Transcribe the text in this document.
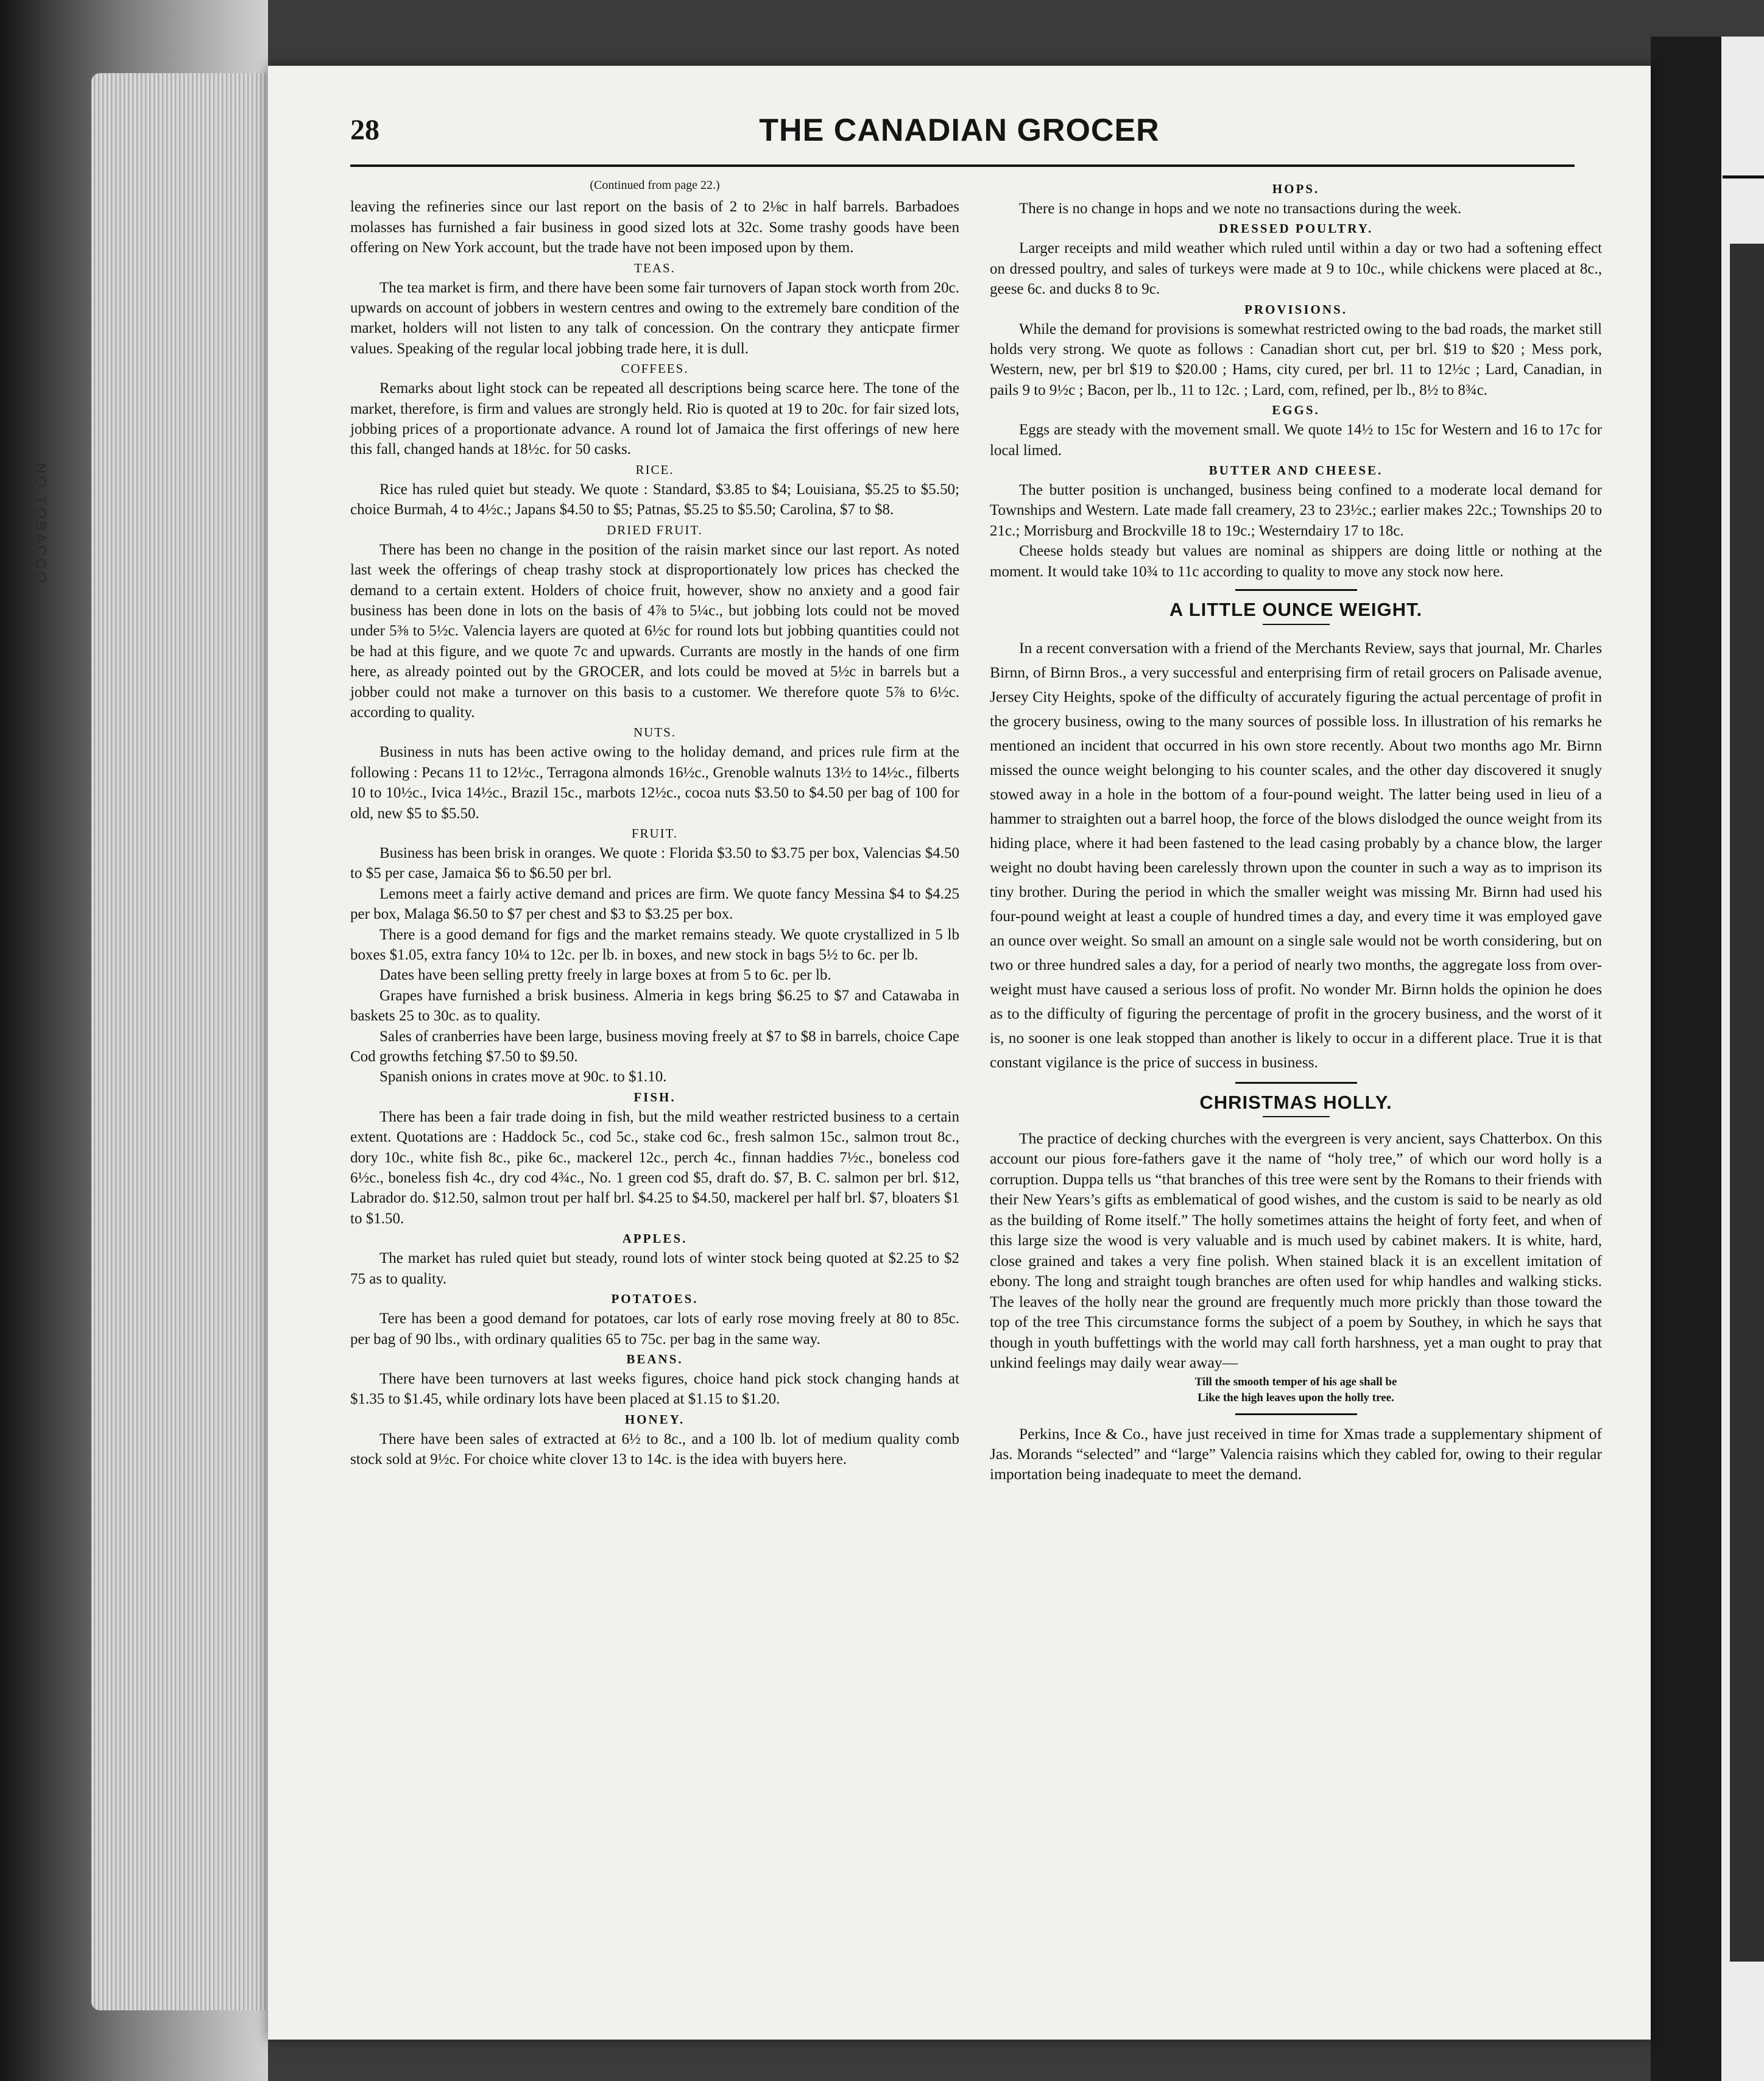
NO TOBACCO
28	THE CANADIAN GROCER
(Continued from page 22.)

leaving the refineries since our last report on the basis of 2 to 2⅛c in half barrels. Barbadoes molasses has furnished a fair business in good sized lots at 32c. Some trashy goods have been offering on New York account, but the trade have not been imposed upon by them.

TEAS.

The tea market is firm, and there have been some fair turnovers of Japan stock worth from 20c. upwards on account of jobbers in western centres and owing to the extremely bare condition of the market, holders will not listen to any talk of concession. On the contrary they anticpate firmer values. Speaking of the regular local jobbing trade here, it is dull.

COFFEES.

Remarks about light stock can be repeated all descriptions being scarce here. The tone of the market, therefore, is firm and values are strongly held. Rio is quoted at 19 to 20c. for fair sized lots, jobbing prices of a proportionate advance. A round lot of Jamaica the first offerings of new here this fall, changed hands at 18½c. for 50 casks.

RICE.

Rice has ruled quiet but steady. We quote : Standard, $3.85 to $4; Louisiana, $5.25 to $5.50; choice Burmah, 4 to 4½c.; Japans $4.50 to $5; Patnas, $5.25 to $5.50; Carolina, $7 to $8.

DRIED FRUIT.

There has been no change in the position of the raisin market since our last report. As noted last week the offerings of cheap trashy stock at disproportionately low prices has checked the demand to a certain extent. Holders of choice fruit, however, show no anxiety and a good fair business has been done in lots on the basis of 4⅞ to 5¼c., but jobbing lots could not be moved under 5⅜ to 5½c. Valencia layers are quoted at 6½c for round lots but jobbing quantities could not be had at this figure, and we quote 7c and upwards. Currants are mostly in the hands of one firm here, as already pointed out by the GROCER, and lots could be moved at 5½c in barrels but a jobber could not make a turnover on this basis to a customer. We therefore quote 5⅞ to 6½c. according to quality.

NUTS.

Business in nuts has been active owing to the holiday demand, and prices rule firm at the following : Pecans 11 to 12½c., Terragona almonds 16½c., Grenoble walnuts 13½ to 14½c., filberts 10 to 10½c., Ivica 14½c., Brazil 15c., marbots 12½c., cocoa nuts $3.50 to $4.50 per bag of 100 for old, new $5 to $5.50.

FRUIT.

Business has been brisk in oranges. We quote : Florida $3.50 to $3.75 per box, Valencias $4.50 to $5 per case, Jamaica $6 to $6.50 per brl.

Lemons meet a fairly active demand and prices are firm. We quote fancy Messina $4 to $4.25 per box, Malaga $6.50 to $7 per chest and $3 to $3.25 per box.

There is a good demand for figs and the market remains steady. We quote crystallized in 5 lb boxes $1.05, extra fancy 10¼ to 12c. per lb. in boxes, and new stock in bags 5½ to 6c. per lb.

Dates have been selling pretty freely in large boxes at from 5 to 6c. per lb.

Grapes have furnished a brisk business. Almeria in kegs bring $6.25 to $7 and Catawaba in baskets 25 to 30c. as to quality.

Sales of cranberries have been large, business moving freely at $7 to $8 in barrels, choice Cape Cod growths fetching $7.50 to $9.50.

Spanish onions in crates move at 90c. to $1.10.

FISH.

There has been a fair trade doing in fish, but the mild weather restricted business to a certain extent. Quotations are : Haddock 5c., cod 5c., stake cod 6c., fresh salmon 15c., salmon trout 8c., dory 10c., white fish 8c., pike 6c., mackerel 12c., perch 4c., finnan haddies 7½c., boneless cod 6½c., boneless fish 4c., dry cod 4¾c., No. 1 green cod $5, draft do. $7, B. C. salmon per brl. $12, Labrador do. $12.50, salmon trout per half brl. $4.25 to $4.50, mackerel per half brl. $7, bloaters $1 to $1.50.

APPLES.

The market has ruled quiet but steady, round lots of winter stock being quoted at $2.25 to $2 75 as to quality.

POTATOES.

Tere has been a good demand for potatoes, car lots of early rose moving freely at 80 to 85c. per bag of 90 lbs., with ordinary qualities 65 to 75c. per bag in the same way.

BEANS.

There have been turnovers at last weeks figures, choice hand pick stock changing hands at $1.35 to $1.45, while ordinary lots have been placed at $1.15 to $1.20.

HONEY.

There have been sales of extracted at 6½ to 8c., and a 100 lb. lot of medium quality comb stock sold at 9½c. For choice white clover 13 to 14c. is the idea with buyers here.

HOPS.

There is no change in hops and we note no transactions during the week.

DRESSED POULTRY.

Larger receipts and mild weather which ruled until within a day or two had a softening effect on dressed poultry, and sales of turkeys were made at 9 to 10c., while chickens were placed at 8c., geese 6c. and ducks 8 to 9c.

PROVISIONS.

While the demand for provisions is somewhat restricted owing to the bad roads, the market still holds very strong. We quote as follows : Canadian short cut, per brl. $19 to $20 ; Mess pork, Western, new, per brl $19 to $20.00 ; Hams, city cured, per brl. 11 to 12½c ; Lard, Canadian, in pails 9 to 9½c ; Bacon, per lb., 11 to 12c. ; Lard, com, refined, per lb., 8½ to 8¾c.

EGGS.

Eggs are steady with the movement small. We quote 14½ to 15c for Western and 16 to 17c for local limed.

BUTTER AND CHEESE.

The butter position is unchanged, business being confined to a moderate local demand for Townships and Western. Late made fall creamery, 23 to 23½c.; earlier makes 22c.; Townships 20 to 21c.; Morrisburg and Brockville 18 to 19c.; Westerndairy 17 to 18c.

Cheese holds steady but values are nominal as shippers are doing little or nothing at the moment. It would take 10¾ to 11c according to quality to move any stock now here.

A LITTLE OUNCE WEIGHT.

In a recent conversation with a friend of the Merchants Review, says that journal, Mr. Charles Birnn, of Birnn Bros., a very successful and enterprising firm of retail grocers on Palisade avenue, Jersey City Heights, spoke of the difficulty of accurately figuring the actual percentage of profit in the grocery business, owing to the many sources of possible loss. In illustration of his remarks he mentioned an incident that occurred in his own store recently. About two months ago Mr. Birnn missed the ounce weight belonging to his counter scales, and the other day discovered it snugly stowed away in a hole in the bottom of a four-pound weight. The latter being used in lieu of a hammer to straighten out a barrel hoop, the force of the blows dislodged the ounce weight from its hiding place, where it had been fastened to the lead casing probably by a chance blow, the larger weight no doubt having been carelessly thrown upon the counter in such a way as to imprison its tiny brother. During the period in which the smaller weight was missing Mr. Birnn had used his four-pound weight at least a couple of hundred times a day, and every time it was employed gave an ounce over weight. So small an amount on a single sale would not be worth considering, but on two or three hundred sales a day, for a period of nearly two months, the aggregate loss from over-weight must have caused a serious loss of profit. No wonder Mr. Birnn holds the opinion he does as to the difficulty of figuring the percentage of profit in the grocery business, and the worst of it is, no sooner is one leak stopped than another is likely to occur in a different place. True it is that constant vigilance is the price of success in business.

CHRISTMAS HOLLY.

The practice of decking churches with the evergreen is very ancient, says Chatterbox. On this account our pious fore-fathers gave it the name of “holy tree,” of which our word holly is a corruption. Duppa tells us “that branches of this tree were sent by the Romans to their friends with their New Years’s gifts as emblematical of good wishes, and the custom is said to be nearly as old as the building of Rome itself.” The holly sometimes attains the height of forty feet, and when of this large size the wood is very valuable and is much used by cabinet makers. It is white, hard, close grained and takes a very fine polish. When stained black it is an excellent imitation of ebony. The long and straight tough branches are often used for whip handles and walking sticks. The leaves of the holly near the ground are frequently much more prickly than those toward the top of the tree This circumstance forms the subject of a poem by Southey, in which he says that though in youth buffettings with the world may call forth harshness, yet a man ought to pray that unkind feelings may daily wear away—

Till the smooth temper of his age shall be
Like the high leaves upon the holly tree.

Perkins, Ince & Co., have just received in time for Xmas trade a supplementary shipment of Jas. Morands “selected” and “large” Valencia raisins which they cabled for, owing to their regular importation being inadequate to meet the demand.
